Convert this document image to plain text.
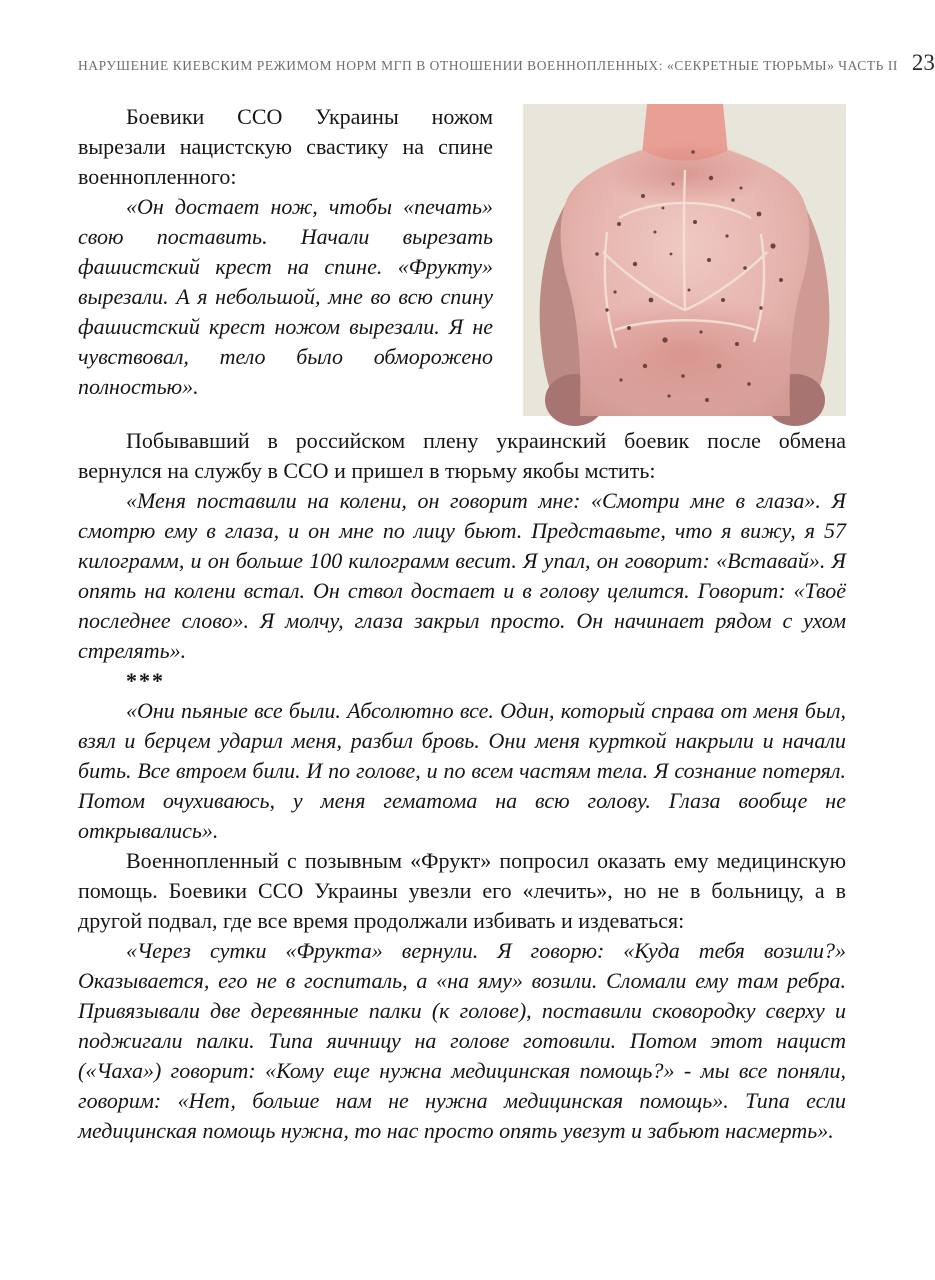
НАРУШЕНИЕ КИЕВСКИМ РЕЖИМОМ НОРМ МГП В ОТНОШЕНИИ ВОЕННОПЛЕННЫХ: «СЕКРЕТНЫЕ ТЮРЬМЫ» ЧАСТЬ II 23

Боевики ССО Украины ножом вырезали нацистскую свастику на спине военнопленного:

«Он достает нож, чтобы «печать» свою поставить. Начали вырезать фашистский крест на спине. «Фрукту» вырезали. А я небольшой, мне во всю спину фашистский крест ножом вырезали. Я не чувствовал, тело было обморожено полностью».

Побывавший в российском плену украинский боевик после обмена вернулся на службу в ССО и пришел в тюрьму якобы мстить:

«Меня поставили на колени, он говорит мне: «Смотри мне в глаза». Я смотрю ему в глаза, и он мне по лицу бьют. Представьте, что я вижу, я 57 килограмм, и он больше 100 килограмм весит. Я упал, он говорит: «Вставай». Я опять на колени встал. Он ствол достает и в голову целится. Говорит: «Твоё последнее слово». Я молчу, глаза закрыл просто. Он начинает рядом с ухом стрелять».

***

«Они пьяные все были. Абсолютно все. Один, который справа от меня был, взял и берцем ударил меня, разбил бровь. Они меня курткой накрыли и начали бить. Все втроем били. И по голове, и по всем частям тела. Я сознание потерял. Потом очухиваюсь, у меня гематома на всю голову. Глаза вообще не открывались».

Военнопленный с позывным «Фрукт» попросил оказать ему медицинскую помощь. Боевики ССО Украины увезли его «лечить», но не в больницу, а в другой подвал, где все время продолжали избивать и издеваться:

«Через сутки «Фрукта» вернули. Я говорю: «Куда тебя возили?» Оказывается, его не в госпиталь, а «на яму» возили. Сломали ему там ребра. Привязывали две деревянные палки (к голове), поставили сковородку сверху и поджигали палки. Типа яичницу на голове готовили. Потом этот нацист («Чаха») говорит: «Кому еще нужна медицинская помощь?» - мы все поняли, говорим: «Нет, больше нам не нужна медицинская помощь». Типа если медицинская помощь нужна, то нас просто опять увезут и забьют насмерть».
